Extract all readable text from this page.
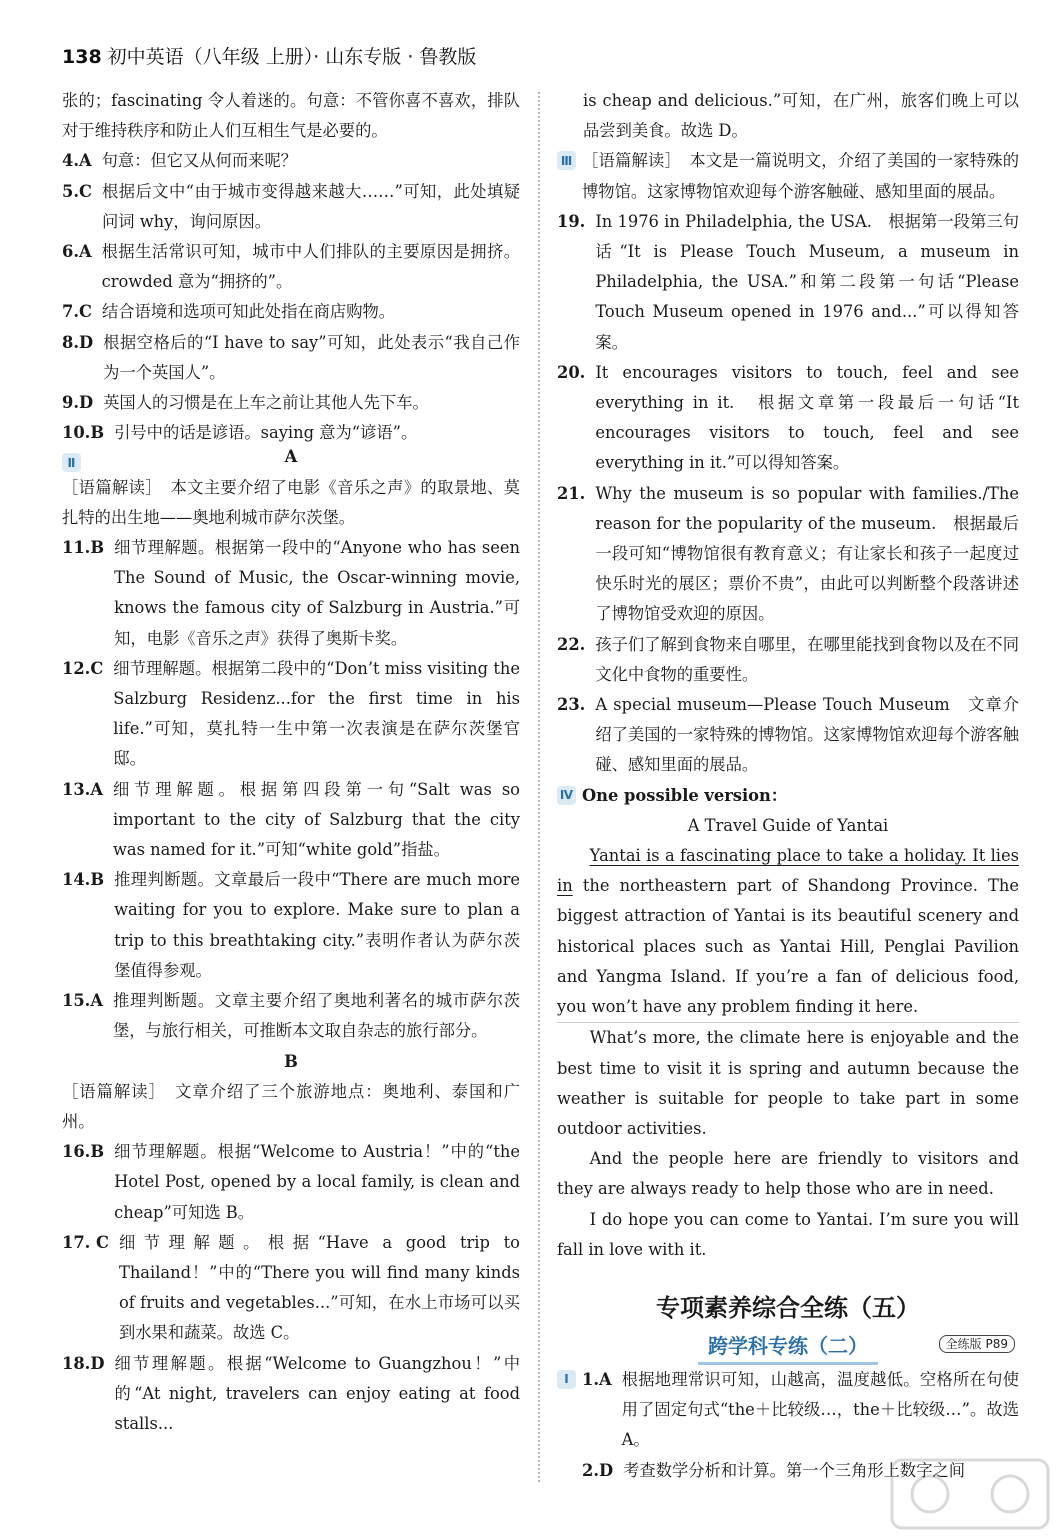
138 初中英语（八年级 上册）· 山东专版 · 鲁教版
张的；fascinating 令人着迷的。句意：不管你喜不喜欢，排队对于维持秩序和防止人们互相生气是必要的。
4.A 句意：但它又从何而来呢？
5.C 根据后文中“由于城市变得越来越大……”可知，此处填疑问词 why，询问原因。
6.A 根据生活常识可知，城市中人们排队的主要原因是拥挤。crowded 意为“拥挤的”。
7.C 结合语境和选项可知此处指在商店购物。
8.D 根据空格后的“I have to say”可知，此处表示“我自己作为一个英国人”。
9.D 英国人的习惯是在上车之前让其他人先下车。
10.B 引号中的话是谚语。saying 意为“谚语”。
Ⅱ	A
［语篇解读］　本文主要介绍了电影《音乐之声》的取景地、莫扎特的出生地——奥地利城市萨尔茨堡。
11.B 细节理解题。根据第一段中的“Anyone who has seen The Sound of Music, the Oscar-winning movie, knows the famous city of Salzburg in Austria.”可知，电影《音乐之声》获得了奥斯卡奖。
12.C 细节理解题。根据第二段中的“Don’t miss visiting the Salzburg Residenz...for the first time in his life.”可知，莫扎特一生中第一次表演是在萨尔茨堡官邸。
13.A 细节理解题。根据第四段第一句“Salt was so important to the city of Salzburg that the city was named for it.”可知“white gold”指盐。
14.B 推理判断题。文章最后一段中“There are much more waiting for you to explore. Make sure to plan a trip to this breathtaking city.”表明作者认为萨尔茨堡值得参观。
15.A 推理判断题。文章主要介绍了奥地利著名的城市萨尔茨堡，与旅行相关，可推断本文取自杂志的旅行部分。
B
［语篇解读］　文章介绍了三个旅游地点：奥地利、泰国和广州。
16.B 细节理解题。根据“Welcome to Austria！”中的“the Hotel Post, opened by a local family, is clean and cheap”可知选 B。
17. C 细节理解题。根据“Have a good trip to Thailand！”中的“There you will find many kinds of fruits and vegetables...”可知，在水上市场可以买到水果和蔬菜。故选 C。
18.D 细节理解题。根据“Welcome to Guangzhou！”中的“At night, travelers can enjoy eating at food stalls...
is cheap and delicious.”可知，在广州，旅客们晚上可以品尝到美食。故选 D。
Ⅲ ［语篇解读］　本文是一篇说明文，介绍了美国的一家特殊的博物馆。这家博物馆欢迎每个游客触碰、感知里面的展品。
19. In 1976 in Philadelphia, the USA.　根据第一段第三句话“It is Please Touch Museum, a museum in Philadelphia, the USA.”和第二段第一句话“Please Touch Museum opened in 1976 and...”可以得知答案。
20. It encourages visitors to touch, feel and see everything in it.　根据文章第一段最后一句话“It encourages visitors to touch, feel and see everything in it.”可以得知答案。
21. Why the museum is so popular with families./The reason for the popularity of the museum.　根据最后一段可知“博物馆很有教育意义；有让家长和孩子一起度过快乐时光的展区；票价不贵”，由此可以判断整个段落讲述了博物馆受欢迎的原因。
22. 孩子们了解到食物来自哪里，在哪里能找到食物以及在不同文化中食物的重要性。
23. A special museum—Please Touch Museum　文章介绍了美国的一家特殊的博物馆。这家博物馆欢迎每个游客触碰、感知里面的展品。
Ⅳ One possible version：
A Travel Guide of Yantai
Yantai is a fascinating place to take a holiday. It lies in the northeastern part of Shandong Province. The biggest attraction of Yantai is its beautiful scenery and historical places such as Yantai Hill, Penglai Pavilion and Yangma Island. If you’re a fan of delicious food, you won’t have any problem finding it here.
What’s more, the climate here is enjoyable and the best time to visit it is spring and autumn because the weather is suitable for people to take part in some outdoor activities.
And the people here are friendly to visitors and they are always ready to help those who are in need.
I do hope you can come to Yantai. I’m sure you will fall in love with it.
专项素养综合全练（五）
跨学科专练（二）	全练版 P89
Ⅰ 1.A 根据地理常识可知，山越高，温度越低。空格所在句使用了固定句式“the＋比较级…，the＋比较级…”。故选 A。
2.D 考查数学分析和计算。第一个三角形上数字之间
